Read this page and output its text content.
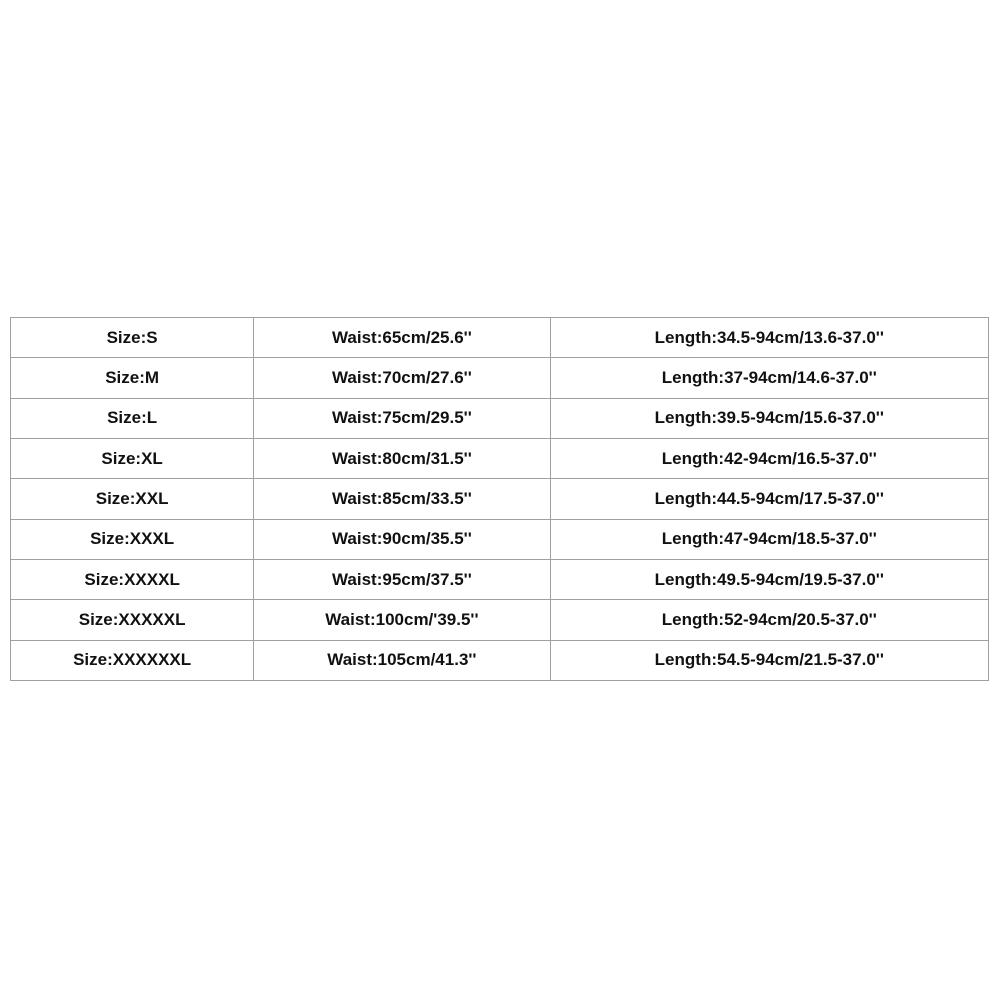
Size:S	Waist:65cm/25.6''	Length:34.5-94cm/13.6-37.0''
Size:M	Waist:70cm/27.6''	Length:37-94cm/14.6-37.0''
Size:L	Waist:75cm/29.5''	Length:39.5-94cm/15.6-37.0''
Size:XL	Waist:80cm/31.5''	Length:42-94cm/16.5-37.0''
Size:XXL	Waist:85cm/33.5''	Length:44.5-94cm/17.5-37.0''
Size:XXXL	Waist:90cm/35.5''	Length:47-94cm/18.5-37.0''
Size:XXXXL	Waist:95cm/37.5''	Length:49.5-94cm/19.5-37.0''
Size:XXXXXL	Waist:100cm/'39.5''	Length:52-94cm/20.5-37.0''
Size:XXXXXXL	Waist:105cm/41.3''	Length:54.5-94cm/21.5-37.0''
